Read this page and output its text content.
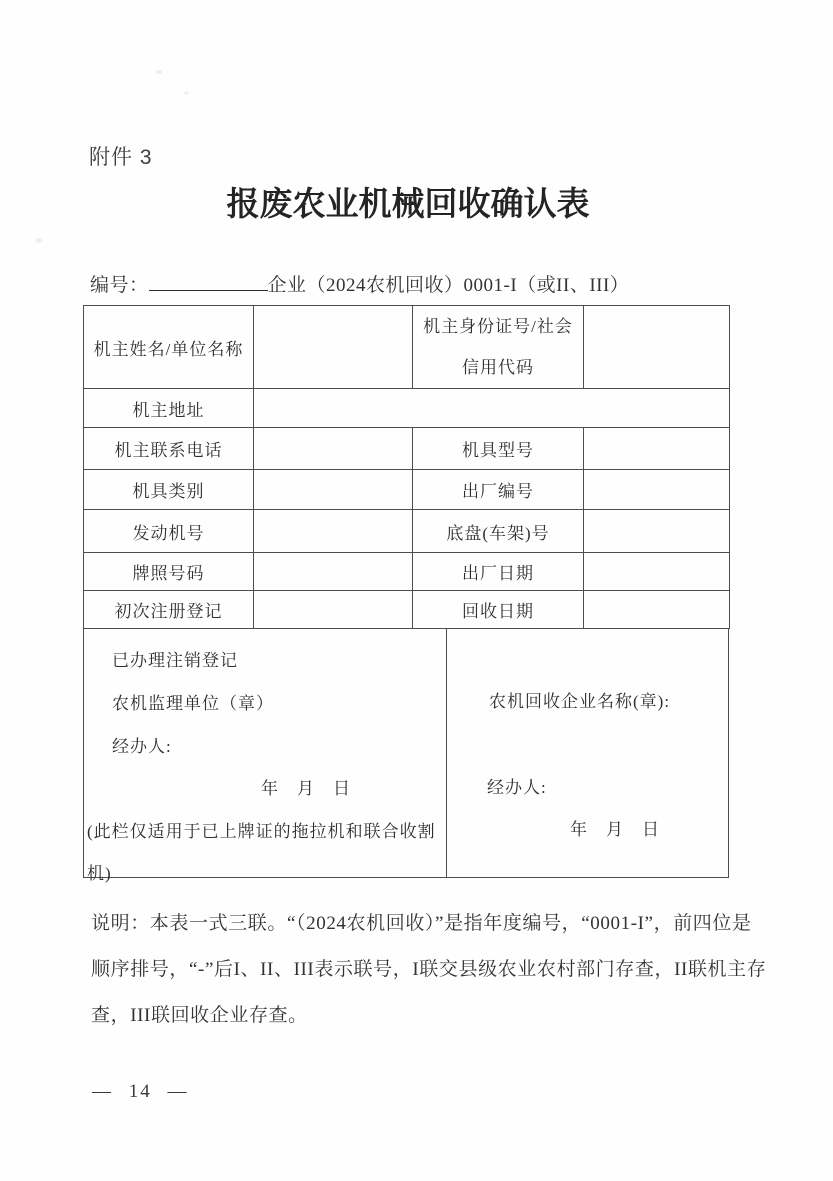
附件 3
报废农业机械回收确认表
编号：	企业（2024农机回收）0001-I（或II、III）
机主姓名/单位名称		机主身份证号/社会
信用代码	

机主地址			
机主联系电话		机具型号	
机具类别		出厂编号	
发动机号		底盘(车架)号	
牌照号码		出厂日期	
初次注册登记		回收日期	
已办理注销登记
农机监理单位（章）
经办人:
年　月　日
(此栏仅适用于已上牌证的拖拉机和联合收割
机)
农机回收企业名称(章):
经办人:
年　月　日
说明：本表一式三联。“（2024农机回收）”是指年度编号，“0001-I”，前四位是
顺序排号，“-”后I、II、III表示联号，I联交县级农业农村部门存查，II联机主存
查，III联回收企业存查。
— 14 —
